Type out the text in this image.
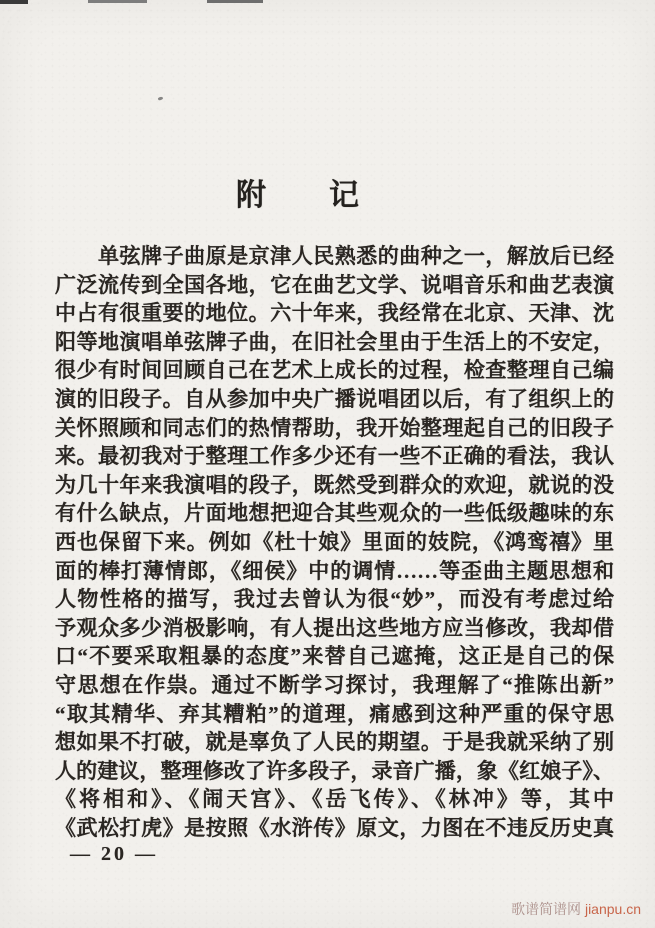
附　　记
单弦牌子曲原是京津人民熟悉的曲种之一，解放后已经
广泛流传到全国各地，它在曲艺文学、说唱音乐和曲艺表演
中占有很重要的地位。六十年来，我经常在北京、天津、沈
阳等地演唱单弦牌子曲，在旧社会里由于生活上的不安定，
很少有时间回顾自己在艺术上成长的过程，检查整理自己编
演的旧段子。自从参加中央广播说唱团以后，有了组织上的
关怀照顾和同志们的热情帮助，我开始整理起自己的旧段子
来。最初我对于整理工作多少还有一些不正确的看法，我认
为几十年来我演唱的段子，既然受到群众的欢迎，就说的没
有什么缺点，片面地想把迎合其些观众的一些低级趣味的东
西也保留下来。例如《杜十娘》里面的妓院，《鸿鸾禧》里
面的棒打薄情郎，《细侯》中的调情……等歪曲主题思想和
人物性格的描写，我过去曾认为很“妙”，而没有考虑过给
予观众多少消极影响，有人提出这些地方应当修改，我却借
口“不要采取粗暴的态度”来替自己遮掩，这正是自己的保
守思想在作祟。通过不断学习探讨，我理解了“推陈出新”
“取其精华、弃其糟粕”的道理，痛感到这种严重的保守思
想如果不打破，就是辜负了人民的期望。于是我就采纳了别
人的建议，整理修改了许多段子，录音广播，象《红娘子》、
《将相和》、《闹天宫》、《岳飞传》、《林冲》等，其中
《武松打虎》是按照《水浒传》原文，力图在不违反历史真
— 20 —
歌谱简谱网 jianpu.cn
